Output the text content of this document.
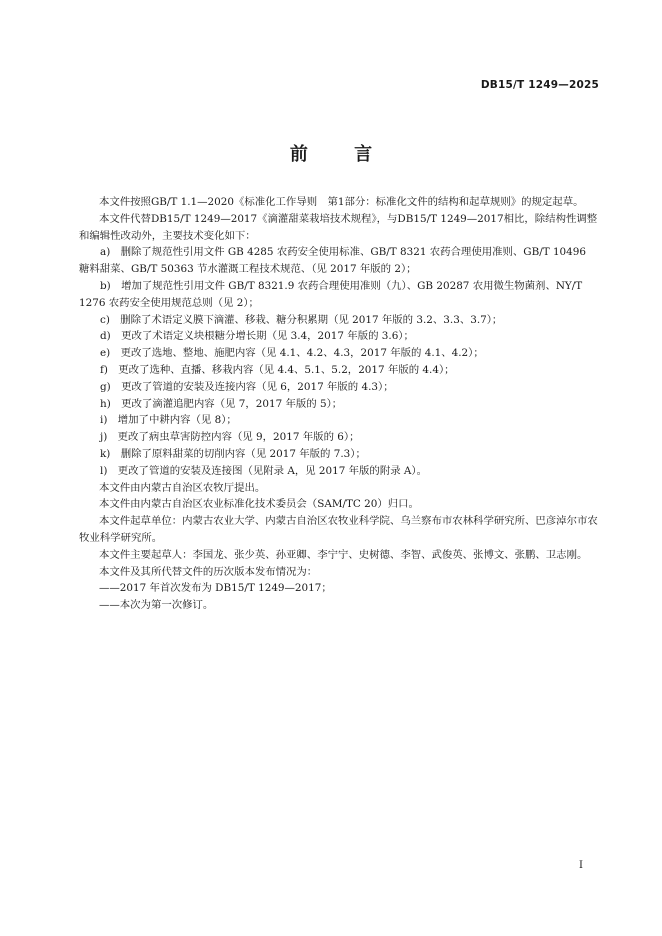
DB15/T 1249—2025
前 言

本文件按照GB/T 1.1—2020《标准化工作导则　第1部分：标准化文件的结构和起草规则》的规定起草。

本文件代替DB15/T 1249—2017《滴灌甜菜栽培技术规程》，与DB15/T 1249—2017相比，除结构性调整和编辑性改动外，主要技术变化如下：

a)　删除了规范性引用文件 GB 4285 农药安全使用标准、GB/T 8321 农药合理使用准则、GB/T 10496 糖料甜菜、GB/T 50363 节水灌溉工程技术规范、（见 2017 年版的 2）；

b)　增加了规范性引用文件 GB/T 8321.9 农药合理使用准则（九）、GB 20287 农用微生物菌剂、NY/T 1276 农药安全使用规范总则（见 2）；

c)　删除了术语定义膜下滴灌、移栽、糖分积累期（见 2017 年版的 3.2、3.3、3.7）；

d)　更改了术语定义块根糖分增长期（见 3.4，2017 年版的 3.6）；

e)　更改了选地、整地、施肥内容（见 4.1、4.2、4.3，2017 年版的 4.1、4.2）；

f)　更改了选种、直播、移栽内容（见 4.4、5.1、5.2，2017 年版的 4.4）；

g)　更改了管道的安装及连接内容（见 6，2017 年版的 4.3）；

h)　更改了滴灌追肥内容（见 7，2017 年版的 5）；

i)　增加了中耕内容（见 8）；

j)　更改了病虫草害防控内容（见 9，2017 年版的 6）；

k)　删除了原料甜菜的切削内容（见 2017 年版的 7.3）；

l)　更改了管道的安装及连接图（见附录 A，见 2017 年版的附录 A）。

本文件由内蒙古自治区农牧厅提出。

本文件由内蒙古自治区农业标准化技术委员会（SAM/TC 20）归口。

本文件起草单位：内蒙古农业大学、内蒙古自治区农牧业科学院、乌兰察布市农林科学研究所、巴彦淖尔市农牧业科学研究所。

本文件主要起草人：李国龙、张少英、孙亚卿、李宁宁、史树德、李智、武俊英、张博文、张鹏、卫志刚。

本文件及其所代替文件的历次版本发布情况为：

——2017 年首次发布为 DB15/T 1249—2017；

——本次为第一次修订。

I
